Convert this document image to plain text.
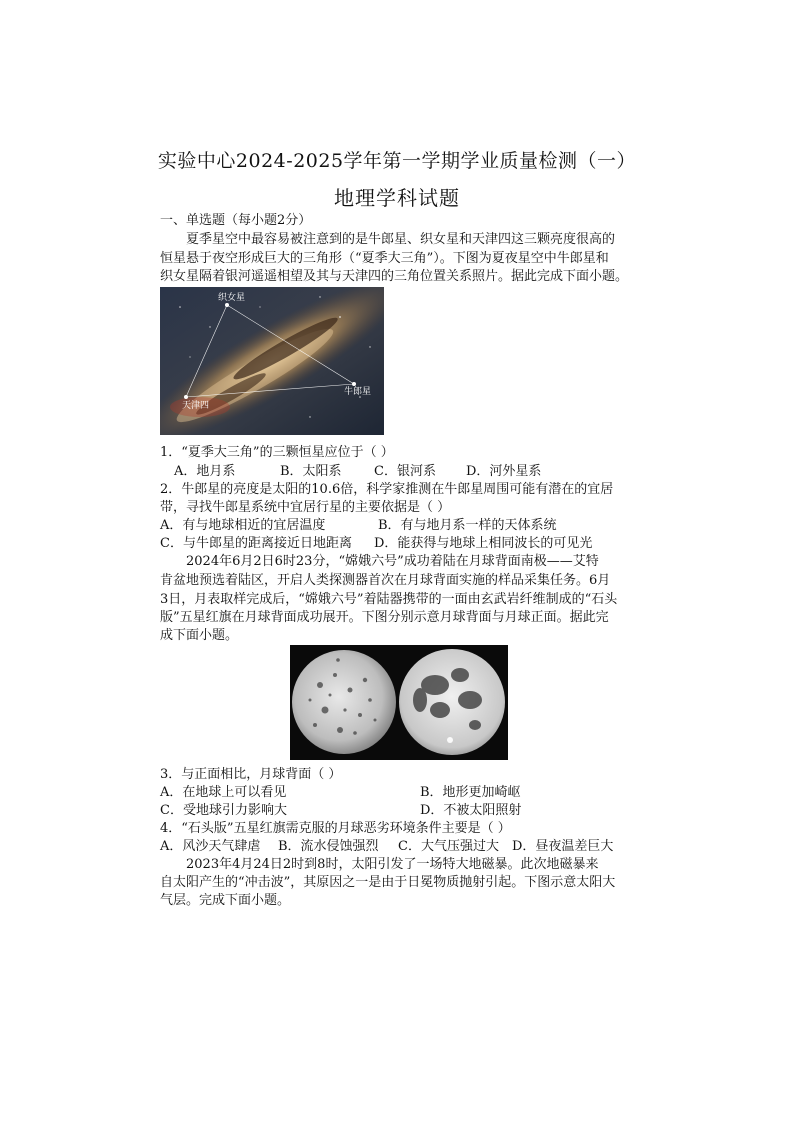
实验中心2024-2025学年第一学期学业质量检测（一）
地理学科试题
一、单选题（每小题2分）
夏季星空中最容易被注意到的是牛郎星、织女星和天津四这三颗亮度很高的
恒星悬于夜空形成巨大的三角形（“夏季大三角”）。下图为夏夜星空中牛郎星和
织女星隔着银河遥遥相望及其与天津四的三角位置关系照片。据此完成下面小题。
织女星
牛郎星
天津四
1．“夏季大三角”的三颗恒星应位于（ ）
A．地月系	B．太阳系 C．银河系 D．河外星系
2．牛郎星的亮度是太阳的10.6倍，科学家推测在牛郎星周围可能有潜在的宜居
带，寻找牛郎星系统中宜居行星的主要依据是（ ）
A．有与地球相近的宜居温度	B．有与地月系一样的天体系统
C．与牛郎星的距离接近日地距离 D．能获得与地球上相同波长的可见光
2024年6月2日6时23分，“嫦娥六号”成功着陆在月球背面南极——艾特
肯盆地预选着陆区，开启人类探测器首次在月球背面实施的样品采集任务。6月
3日，月表取样完成后，“嫦娥六号”着陆器携带的一面由玄武岩纤维制成的“石头
版”五星红旗在月球背面成功展开。下图分别示意月球背面与月球正面。据此完
成下面小题。
3．与正面相比，月球背面（ ）
A．在地球上可以看见	B．地形更加崎岖
C．受地球引力影响大	D．不被太阳照射
4．“石头版”五星红旗需克服的月球恶劣环境条件主要是（ ）
A．风沙天气肆虐 B．流水侵蚀强烈 C．大气压强过大 D．昼夜温差巨大
2023年4月24日2时到8时，太阳引发了一场特大地磁暴。此次地磁暴来
自太阳产生的“冲击波”，其原因之一是由于日冕物质抛射引起。下图示意太阳大
气层。完成下面小题。
